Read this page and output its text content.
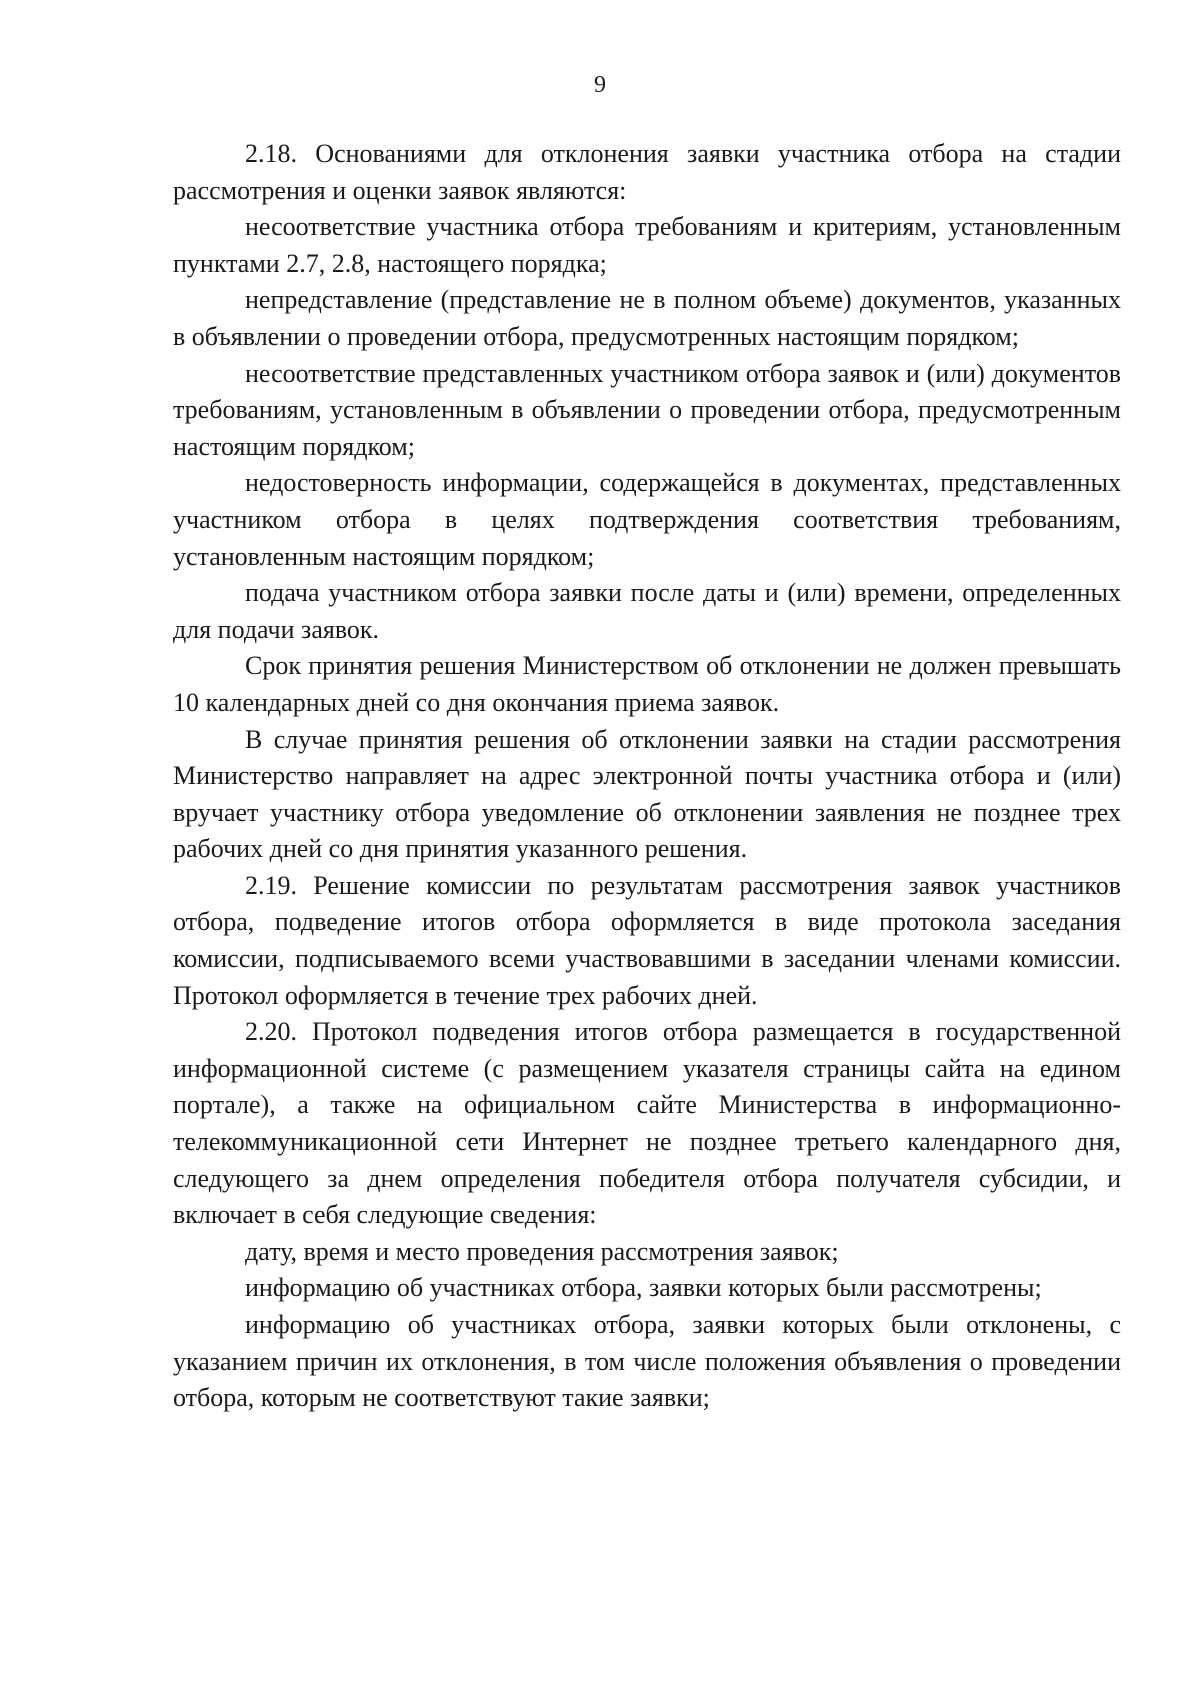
9

2.18. Основаниями для отклонения заявки участника отбора на стадии рассмотрения и оценки заявок являются:

несоответствие участника отбора требованиям и критериям, установленным пунктами 2.7, 2.8, настоящего порядка;

непредставление (представление не в полном объеме) документов, указанных в объявлении о проведении отбора, предусмотренных настоящим порядком;

несоответствие представленных участником отбора заявок и (или) документов требованиям, установленным в объявлении о проведении отбора, предусмотренным настоящим порядком;

недостоверность информации, содержащейся в документах, представленных участником отбора в целях подтверждения соответствия требованиям, установленным настоящим порядком;

подача участником отбора заявки после даты и (или) времени, определенных для подачи заявок.

Срок принятия решения Министерством об отклонении не должен превышать 10 календарных дней со дня окончания приема заявок.

В случае принятия решения об отклонении заявки на стадии рассмотрения Министерство направляет на адрес электронной почты участника отбора и (или) вручает участнику отбора уведомление об отклонении заявления не позднее трех рабочих дней со дня принятия указанного решения.

2.19. Решение комиссии по результатам рассмотрения заявок участников отбора, подведение итогов отбора оформляется в виде протокола заседания комиссии, подписываемого всеми участвовавшими в заседании членами комиссии. Протокол оформляется в течение трех рабочих дней.

2.20. Протокол подведения итогов отбора размещается в государственной информационной системе (с размещением указателя страницы сайта на едином портале), а также на официальном сайте Министерства в информационно-телекоммуникационной сети Интернет не позднее третьего календарного дня, следующего за днем определения победителя отбора получателя субсидии, и включает в себя следующие сведения:

дату, время и место проведения рассмотрения заявок;

информацию об участниках отбора, заявки которых были рассмотрены;

информацию об участниках отбора, заявки которых были отклонены, с указанием причин их отклонения, в том числе положения объявления о проведении отбора, которым не соответствуют такие заявки;
